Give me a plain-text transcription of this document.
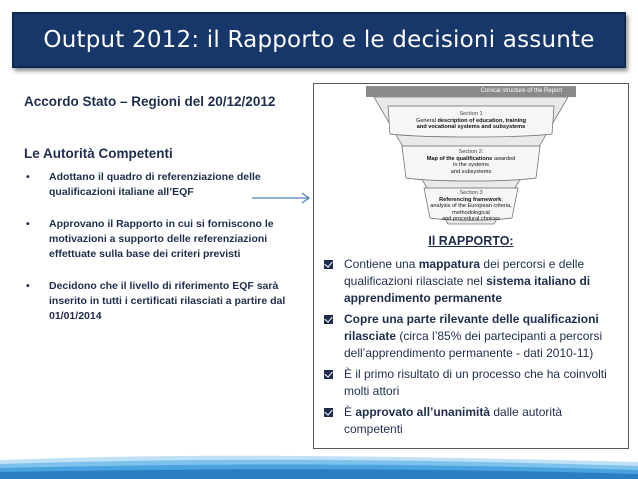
Output 2012: il Rapporto e le decisioni assunte
Accordo Stato – Regioni del 20/12/2012
Le Autorità Competenti
• Adottano il quadro di referenziazione delle qualificazioni italiane all’EQF
• Approvano il Rapporto in cui si forniscono le motivazioni a supporto delle referenziazioni effettuate sulla base dei criteri previsti
• Decidono che il livello di riferimento EQF sarà inserito in tutti i certificati rilasciati a partire dal 01/01/2014
Conical structure of the Report
Section 1
General description of education, training
and vocational systems and subsystems
Section 2:
Map of the qualifications awarded
in the systems
and subsystems
Section 3
Referencing framework;
analysis of the European criteria,
methodological
and procedural choices
Il RAPPORTO:
Contiene una mappatura dei percorsi e delle qualificazioni rilasciate nel sistema italiano di apprendimento permanente
Copre una parte rilevante delle qualificazioni rilasciate (circa l’85% dei partecipanti a percorsi dell’apprendimento permanente - dati 2010-11)
È il primo risultato di un processo che ha coinvolti molti attori
È approvato all’unanimità dalle autorità competenti
